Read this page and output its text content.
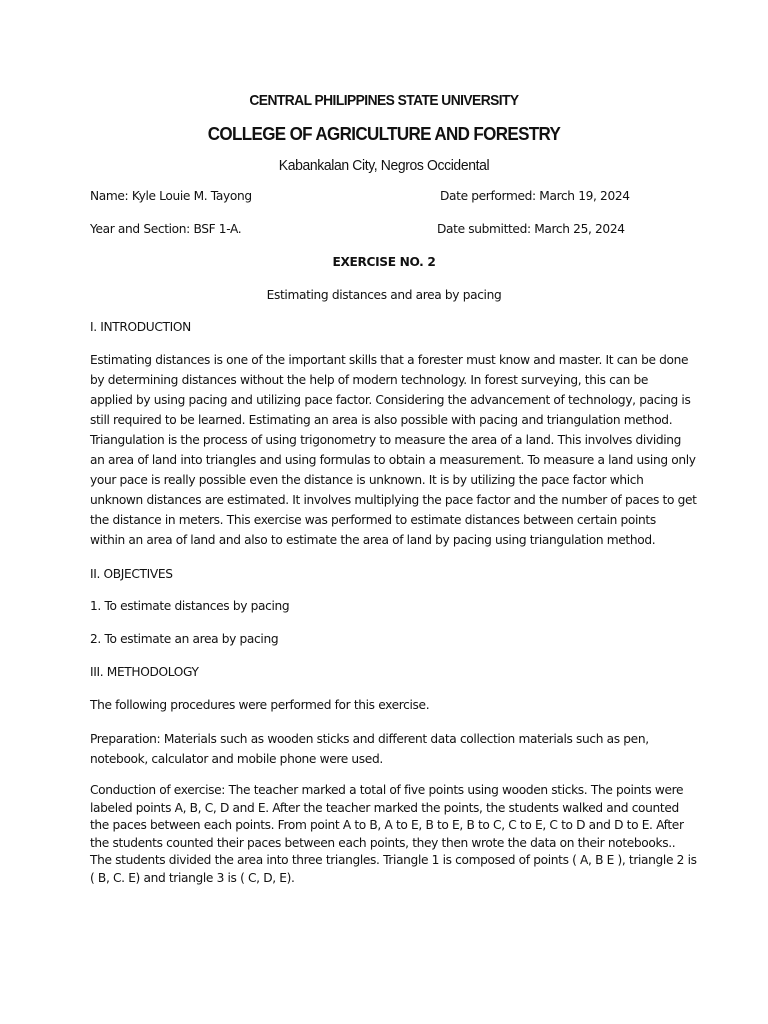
CENTRAL PHILIPPINES STATE UNIVERSITY
COLLEGE OF AGRICULTURE AND FORESTRY
Kabankalan City, Negros Occidental
Name: Kyle Louie M. Tayong	Date performed: March 19, 2024
Year and Section: BSF 1-A.	Date submitted: March 25, 2024
EXERCISE NO. 2
Estimating distances and area by pacing
I. INTRODUCTION
Estimating distances is one of the important skills that a forester must know and master. It can be done
by determining distances without the help of modern technology. In forest surveying, this can be
applied by using pacing and utilizing pace factor. Considering the advancement of technology, pacing is
still required to be learned. Estimating an area is also possible with pacing and triangulation method.
Triangulation is the process of using trigonometry to measure the area of a land. This involves dividing
an area of land into triangles and using formulas to obtain a measurement. To measure a land using only
your pace is really possible even the distance is unknown. It is by utilizing the pace factor which
unknown distances are estimated. It involves multiplying the pace factor and the number of paces to get
the distance in meters. This exercise was performed to estimate distances between certain points
within an area of land and also to estimate the area of land by pacing using triangulation method.
II. OBJECTIVES
1. To estimate distances by pacing
2. To estimate an area by pacing
III. METHODOLOGY
The following procedures were performed for this exercise.
Preparation: Materials such as wooden sticks and different data collection materials such as pen,
notebook, calculator and mobile phone were used.
Conduction of exercise: The teacher marked a total of five points using wooden sticks. The points were
labeled points A, B, C, D and E. After the teacher marked the points, the students walked and counted
the paces between each points. From point A to B, A to E, B to E, B to C, C to E, C to D and D to E. After
the students counted their paces between each points, they then wrote the data on their notebooks..
The students divided the area into three triangles. Triangle 1 is composed of points ( A, B E ), triangle 2 is
( B, C. E) and triangle 3 is ( C, D, E).
